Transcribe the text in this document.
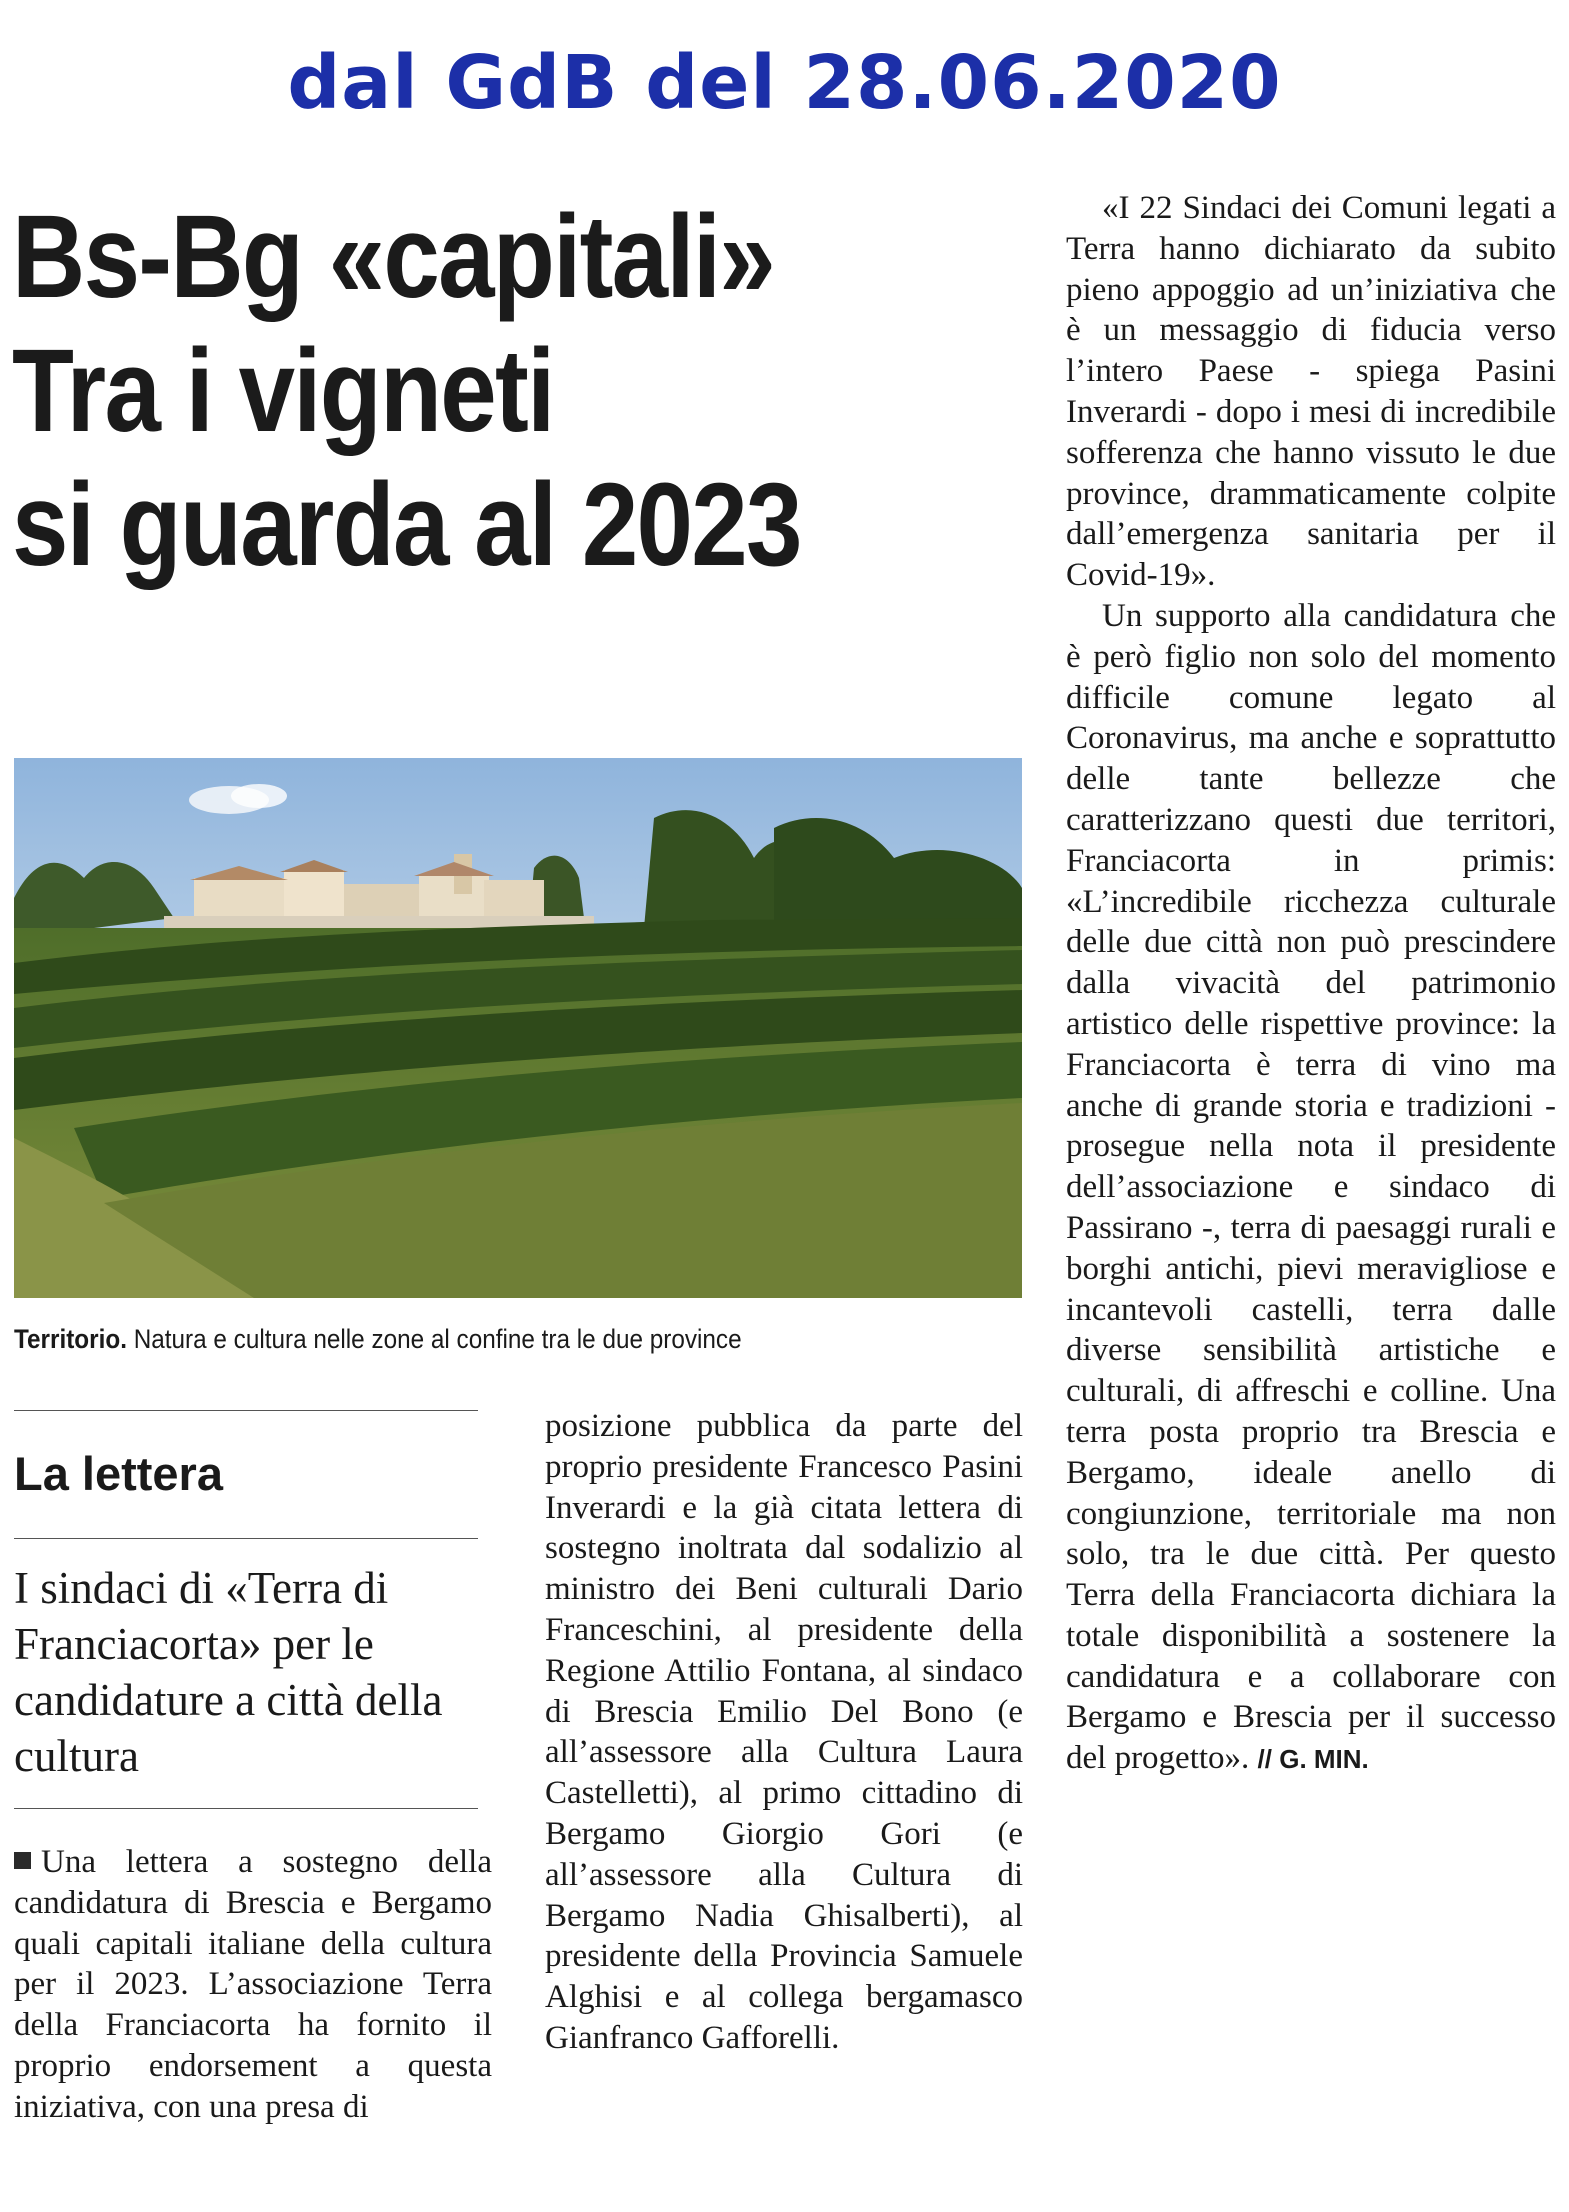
dal GdB del 28.06.2020
Bs-Bg «capitali»
Tra i vigneti
si guarda al 2023
Territorio. Natura e cultura nelle zone al confine tra le due province
La lettera
I sindaci di «Terra di Franciacorta» per le candidature a città della cultura

Una lettera a sostegno della candidatura di Brescia e Bergamo quali capitali italiane della cultura per il 2023. L’associazione Terra della Franciacorta ha fornito il proprio endorsement a questa iniziativa, con una presa di

posizione pubblica da parte del proprio presidente Francesco Pasini Inverardi e la già citata lettera di sostegno inoltrata dal sodalizio al ministro dei Beni culturali Dario Franceschini, al presidente della Regione Attilio Fontana, al sindaco di Brescia Emilio Del Bono (e all’assessore alla Cultura Laura Castelletti), al primo cittadino di Bergamo Giorgio Gori (e all’assessore alla Cultura di Bergamo Nadia Ghisalberti), al presidente della Provincia Samuele Alghisi e al collega bergamasco Gianfranco Gafforelli.

«I 22 Sindaci dei Comuni legati a Terra hanno dichiarato da subito pieno appoggio ad un’iniziativa che è un messaggio di fiducia verso l’intero Paese - spiega Pasini Inverardi - dopo i mesi di incredibile sofferenza che hanno vissuto le due province, drammaticamente colpite dall’emergenza sanitaria per il Covid-19».

Un supporto alla candidatura che è però figlio non solo del momento difficile comune legato al Coronavirus, ma anche e soprattutto delle tante bellezze che caratterizzano questi due territori, Franciacorta in primis: «L’incredibile ricchezza culturale delle due città non può prescindere dalla vivacità del patrimonio artistico delle rispettive province: la Franciacorta è terra di vino ma anche di grande storia e tradizioni - prosegue nella nota il presidente dell’associazione e sindaco di Passirano -, terra di paesaggi rurali e borghi antichi, pievi meravigliose e incantevoli castelli, terra dalle diverse sensibilità artistiche e culturali, di affreschi e colline. Una terra posta proprio tra Brescia e Bergamo, ideale anello di congiunzione, territoriale ma non solo, tra le due città. Per questo Terra della Franciacorta dichiara la totale disponibilità a sostenere la candidatura e a collaborare con Bergamo e Brescia per il successo del progetto». // G. MIN.
